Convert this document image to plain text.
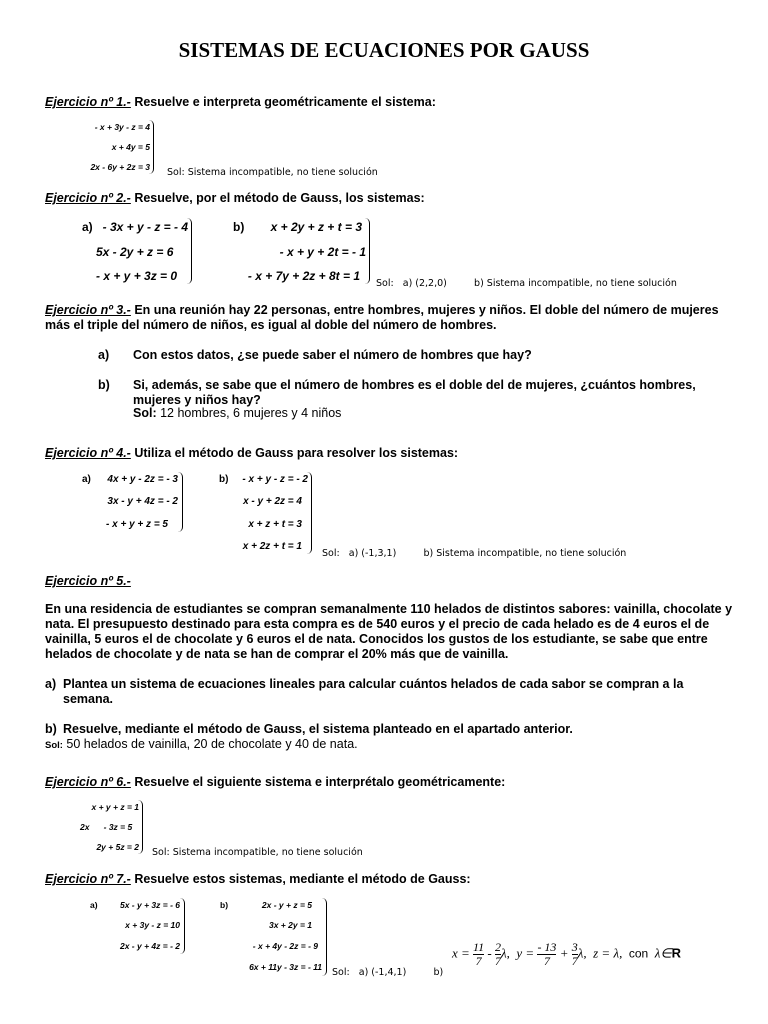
SISTEMAS DE ECUACIONES POR GAUSS
Ejercicio nº 1.- Resuelve e interpreta geométricamente el sistema:
- x + 3y - z = 4
x + 4y = 5
2x - 6y + 2z = 3 Sol: Sistema incompatible, no tiene solución
Ejercicio nº 2.- Resuelve, por el método de Gauss, los sistemas:
a) - 3x + y - z = - 4
5x - 2y + z = 6
- x + y + 3z = 0
b)	x + 2y + z + t = 3
- x + y + 2t = - 1
- x + 7y + 2z + 8t = 1
Sol:   a) (2,2,0)         b) Sistema incompatible, no tiene solución
Ejercicio nº 3.- En una reunión hay 22 personas, entre hombres, mujeres y niños. El doble del número de mujeres más el triple del número de niños, es igual al doble del número de hombres.
a) Con estos datos, ¿se puede saber el número de hombres que hay?
b) Si, además, se sabe que el número de hombres es el doble del de mujeres, ¿cuántos hombres, mujeres y niños hay?
Sol: 12 hombres, 6 mujeres y 4 niños
Ejercicio nº 4.- Utiliza el método de Gauss para resolver los sistemas:
a)	4x + y - 2z = - 3
3x - y + 4z = - 2
- x + y + z = 5
b)	- x + y - z = - 2
x - y + 2z = 4
x + z + t = 3
x + 2z + t = 1
Sol:   a) (-1,3,1)         b) Sistema incompatible, no tiene solución
Ejercicio nº 5.-
En una residencia de estudiantes se compran semanalmente 110 helados de distintos sabores: vainilla, chocolate y nata. El presupuesto destinado para esta compra es de 540 euros y el precio de cada helado es de 4 euros el de vainilla, 5 euros el de chocolate y 6 euros el de nata. Conocidos los gustos de los estudiante, se sabe que entre helados de chocolate y de nata se han de comprar el 20% más que de vainilla.
a) Plantea un sistema de ecuaciones lineales para calcular cuántos helados de cada sabor se compran a la semana.
b) Resuelve, mediante el método de Gauss, el sistema planteado en el apartado anterior.
Sol: 50 helados de vainilla, 20 de chocolate y 40 de nata.
Ejercicio nº 6.- Resuelve el siguiente sistema e interprétalo geométricamente:
x + y + z = 1
2x      - 3z = 5
2y + 5z = 2 Sol: Sistema incompatible, no tiene solución
Ejercicio nº 7.- Resuelve estos sistemas, mediante el método de Gauss:
a)	5x - y + 3z = - 6
x + 3y - z = 10
2x - y + 4z = - 2
b)	2x - y + z = 5
3x + 2y = 1
- x + 4y - 2z = - 9
6x + 11y - 3z = - 11 Sol:   a) (-1,4,1)         b)
$x = \frac{11}{7} - \frac{2}{7} \lambda$, $y = \frac{- 13}{7} + \frac{3}{7} \lambda$, z = λ, con λ∈R
